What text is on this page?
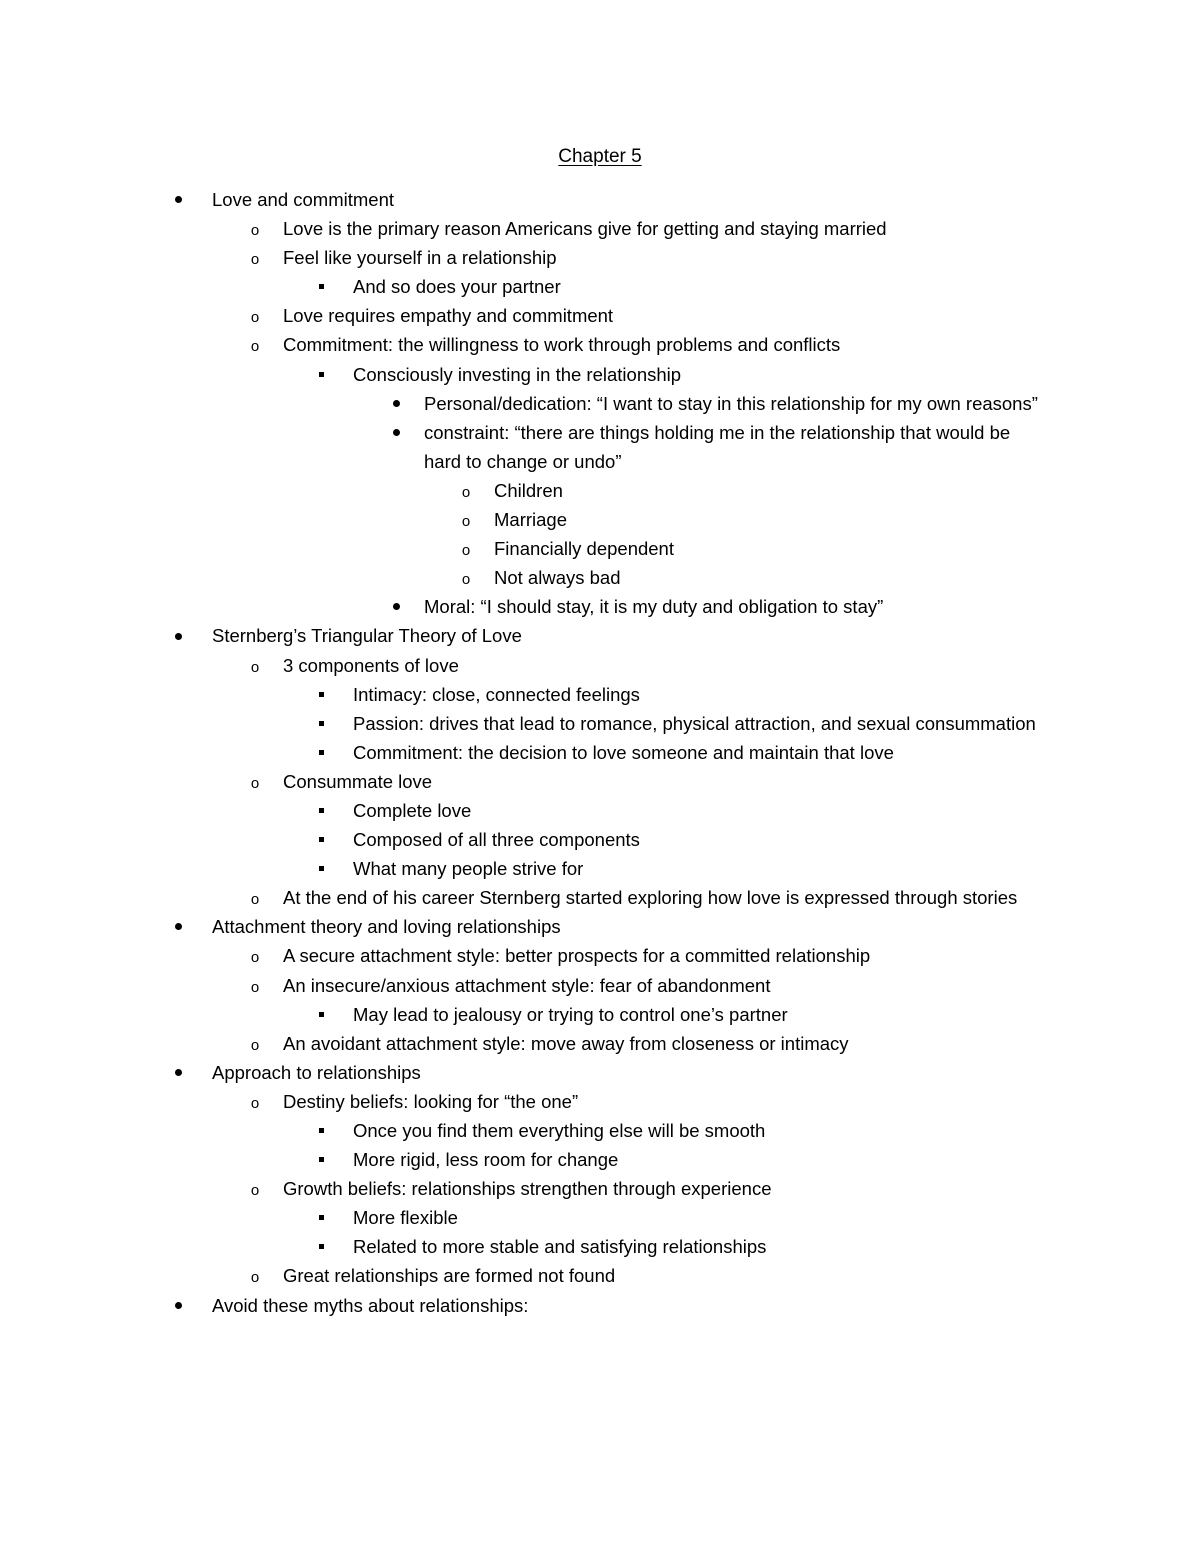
Chapter 5
Love and commitment
o	Love is the primary reason Americans give for getting and staying married
o	Feel like yourself in a relationship
And so does your partner
o	Love requires empathy and commitment
o	Commitment: the willingness to work through problems and conflicts
Consciously investing in the relationship
Personal/dedication: “I want to stay in this relationship for my own reasons”
constraint: “there are things holding me in the relationship that would be hard to change or undo”
o	Children
o	Marriage
o	Financially dependent
o	Not always bad
Moral: “I should stay, it is my duty and obligation to stay”
Sternberg’s Triangular Theory of Love
o	3 components of love
Intimacy: close, connected feelings
Passion: drives that lead to romance, physical attraction, and sexual consummation
Commitment: the decision to love someone and maintain that love
o	Consummate love
Complete love
Composed of all three components
What many people strive for
o	At the end of his career Sternberg started exploring how love is expressed through stories
Attachment theory and loving relationships
o	A secure attachment style: better prospects for a committed relationship
o	An insecure/anxious attachment style: fear of abandonment
May lead to jealousy or trying to control one’s partner
o	An avoidant attachment style: move away from closeness or intimacy
Approach to relationships
o	Destiny beliefs: looking for “the one”
Once you find them everything else will be smooth
More rigid, less room for change
o	Growth beliefs: relationships strengthen through experience
More flexible
Related to more stable and satisfying relationships
o	Great relationships are formed not found
Avoid these myths about relationships:
